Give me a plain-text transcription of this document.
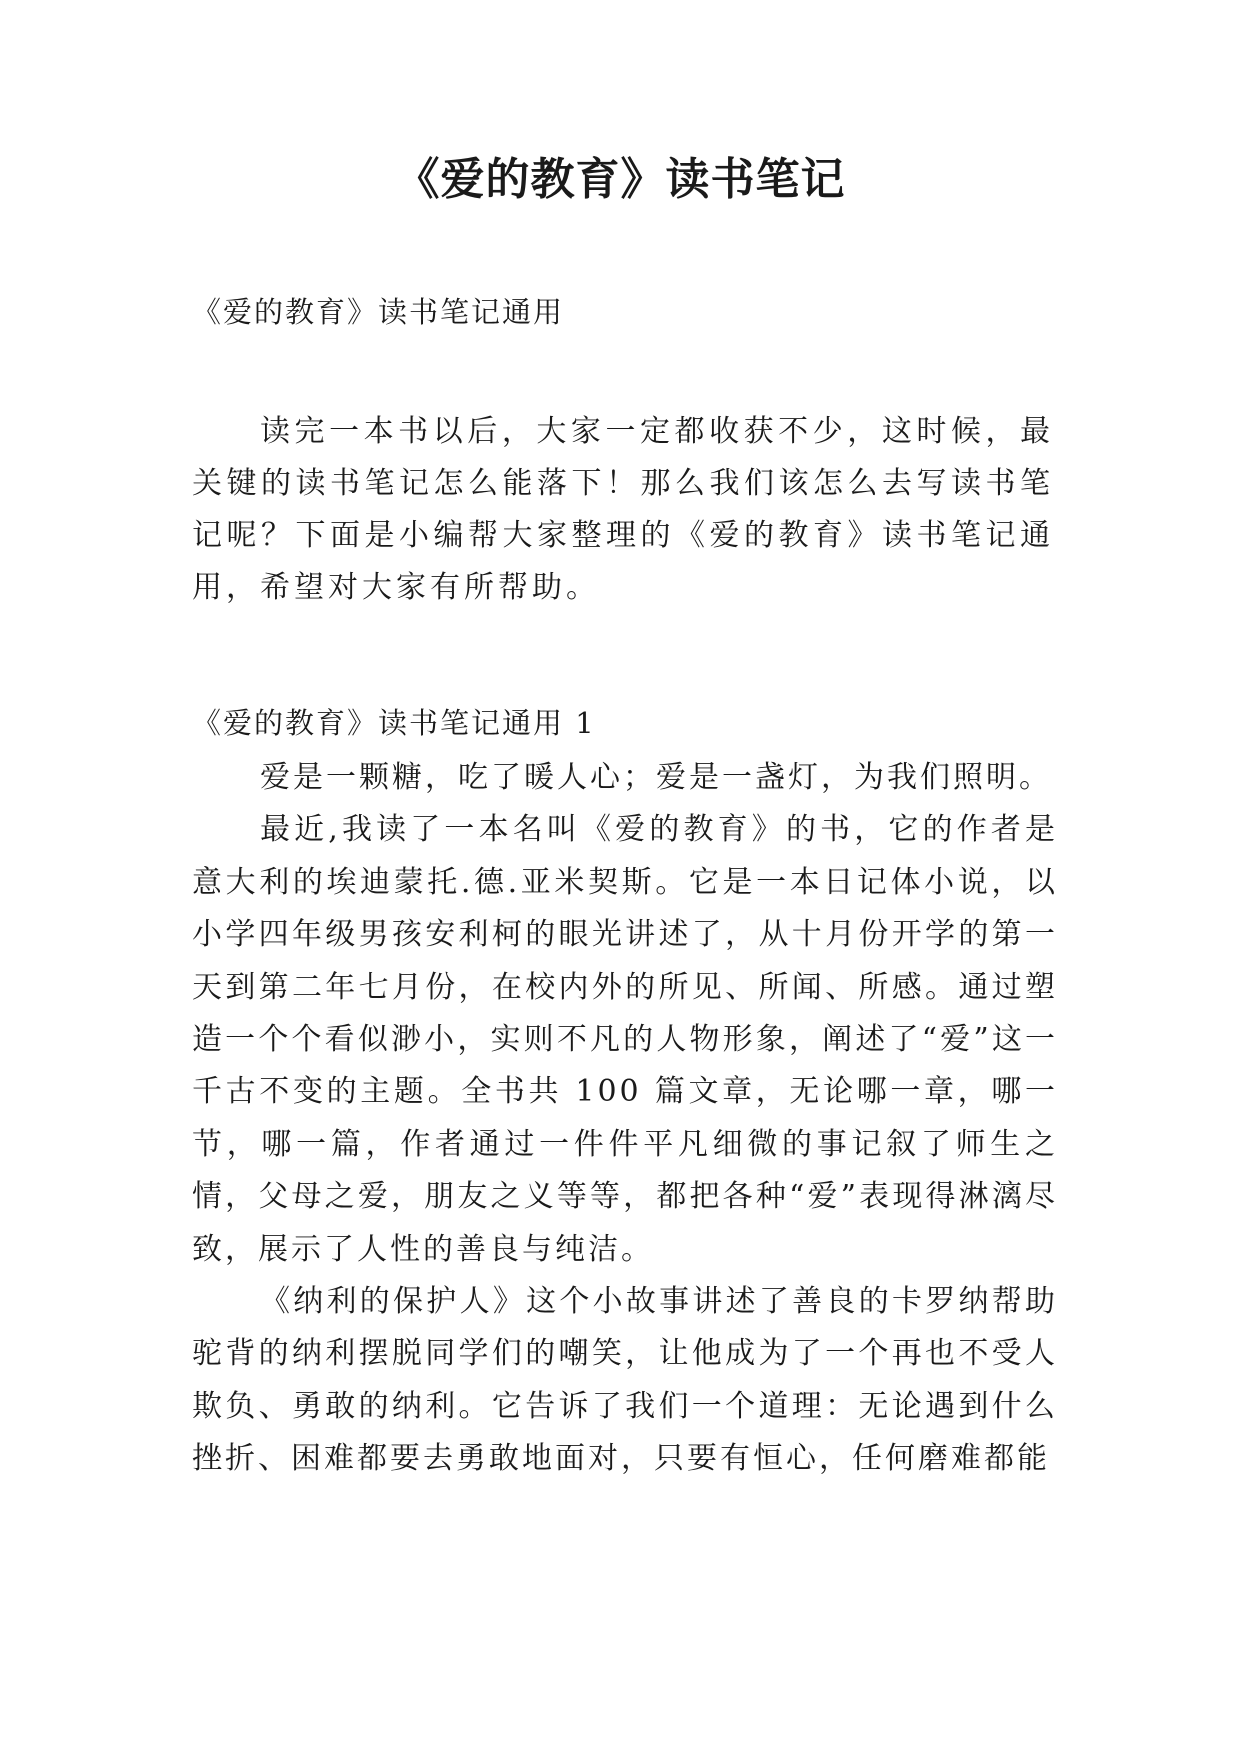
《爱的教育》读书笔记
《爱的教育》读书笔记通用

读完一本书以后，大家一定都收获不少，这时候，最关键的读书笔记怎么能落下！那么我们该怎么去写读书笔记呢？下面是小编帮大家整理的《爱的教育》读书笔记通用，希望对大家有所帮助。

《爱的教育》读书笔记通用 1

爱是一颗糖，吃了暖人心；爱是一盏灯，为我们照明。

最近,我读了一本名叫《爱的教育》的书，它的作者是意大利的埃迪蒙托.德.亚米契斯。它是一本日记体小说，以小学四年级男孩安利柯的眼光讲述了，从十月份开学的第一天到第二年七月份，在校内外的所见、所闻、所感。通过塑造一个个看似渺小，实则不凡的人物形象，阐述了“爱”这一千古不变的主题。全书共 100 篇文章，无论哪一章，哪一节，哪一篇，作者通过一件件平凡细微的事记叙了师生之情，父母之爱，朋友之义等等，都把各种“爱”表现得淋漓尽致，展示了人性的善良与纯洁。

《纳利的保护人》这个小故事讲述了善良的卡罗纳帮助驼背的纳利摆脱同学们的嘲笑，让他成为了一个再也不受人欺负、勇敢的纳利。它告诉了我们一个道理：无论遇到什么挫折、困难都要去勇敢地面对，只要有恒心，任何磨难都能
